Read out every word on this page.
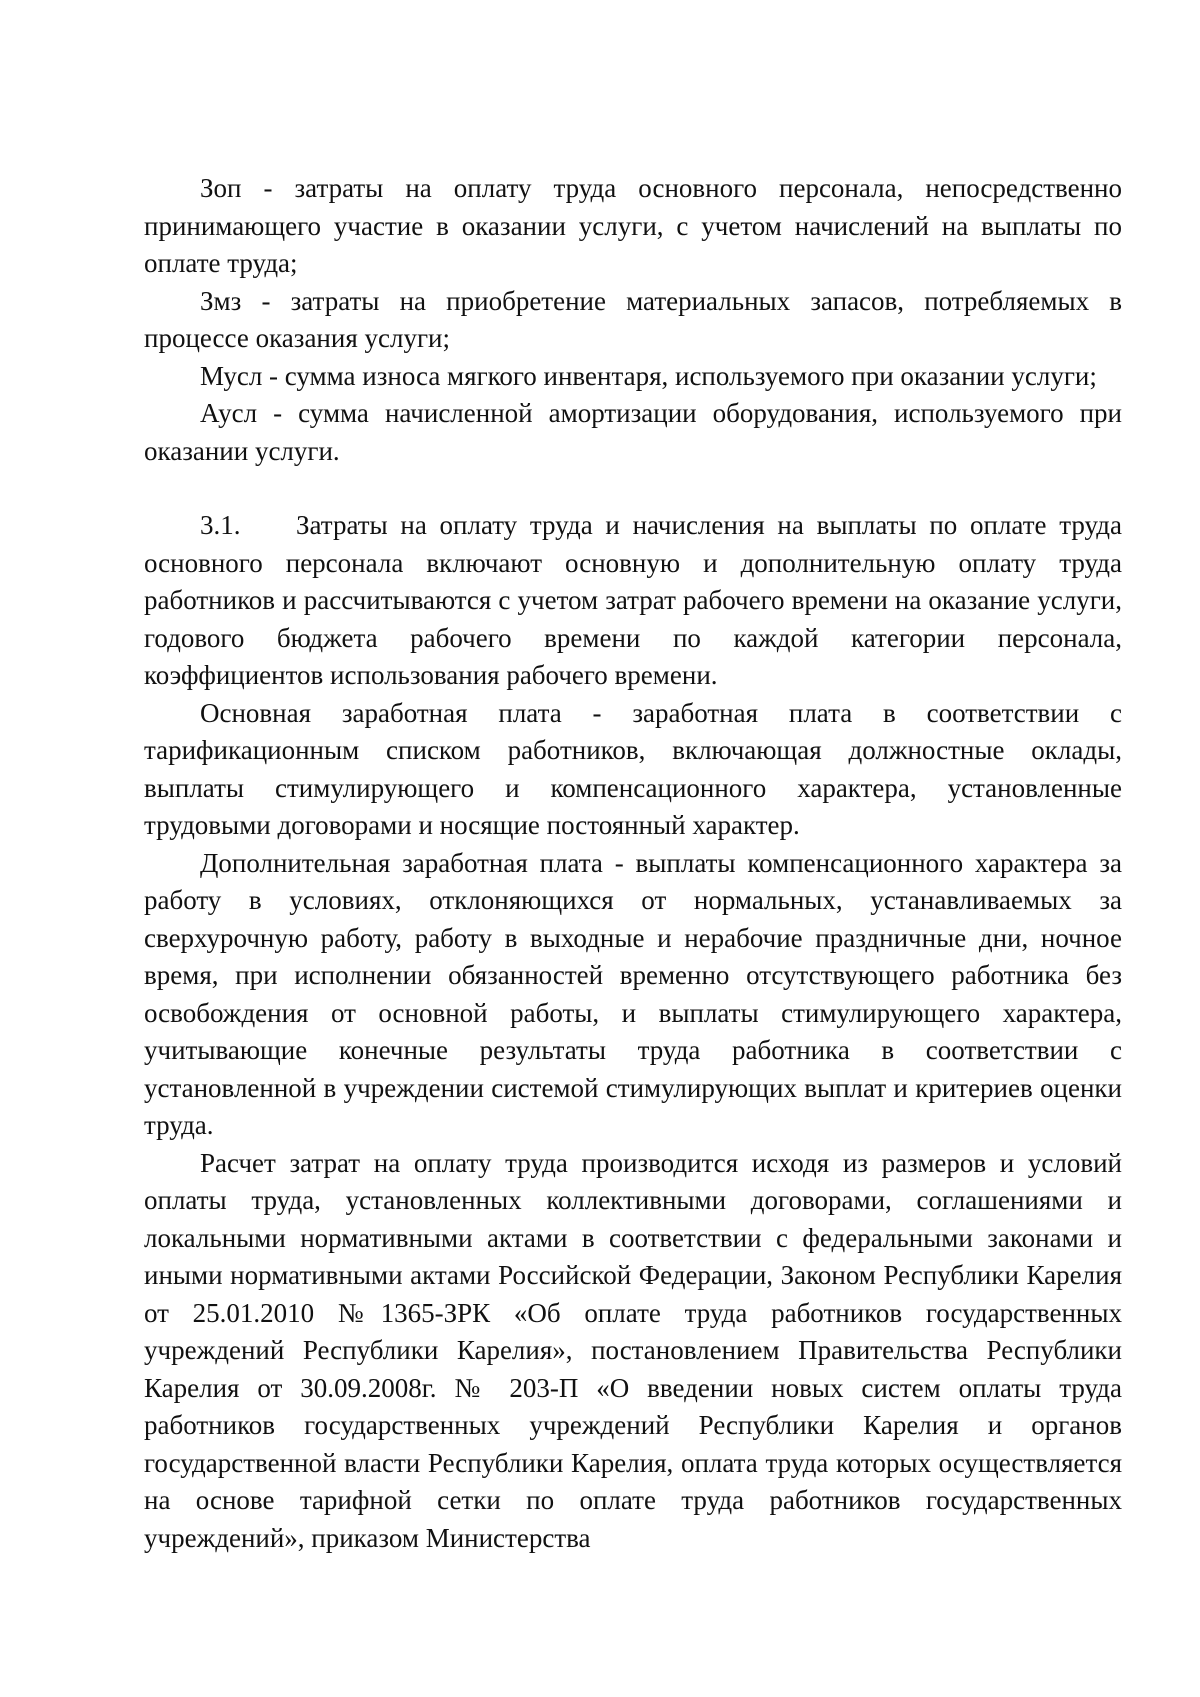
Зоп - затраты на оплату труда основного персонала, непосредственно принимающего участие в оказании услуги, с учетом начислений на выплаты по оплате труда;

Змз - затраты на приобретение материальных запасов, потребляемых в процессе оказания услуги;

Мусл - сумма износа мягкого инвентаря, используемого при оказании услуги;

Аусл - сумма начисленной амортизации оборудования, используемого при оказании услуги.

3.1. Затраты на оплату труда и начисления на выплаты по оплате труда основного персонала включают основную и дополнительную оплату труда работников и рассчитываются с учетом затрат рабочего времени на оказание услуги, годового бюджета рабочего времени по каждой категории персонала, коэффициентов использования рабочего времени.

Основная заработная плата - заработная плата в соответствии с тарификационным списком работников, включающая должностные оклады, выплаты стимулирующего и компенсационного характера, установленные трудовыми договорами и носящие постоянный характер.

Дополнительная заработная плата - выплаты компенсационного характера за работу в условиях, отклоняющихся от нормальных, устанавливаемых за сверхурочную работу, работу в выходные и нерабочие праздничные дни, ночное время, при исполнении обязанностей временно отсутствующего работника без освобождения от основной работы, и выплаты стимулирующего характера, учитывающие конечные результаты труда работника в соответствии с установленной в учреждении системой стимулирующих выплат и критериев оценки труда.

Расчет затрат на оплату труда производится исходя из размеров и условий оплаты труда, установленных коллективными договорами, соглашениями и локальными нормативными актами в соответствии с федеральными законами и иными нормативными актами Российской Федерации, Законом Республики Карелия от 25.01.2010 №1365-ЗРК «Об оплате труда работников государственных учреждений Республики Карелия», постановлением Правительства Республики Карелия от 30.09.2008г. № 203-П «О введении новых систем оплаты труда работников государственных учреждений Республики Карелия и органов государственной власти Республики Карелия, оплата труда которых осуществляется на основе тарифной сетки по оплате труда работников государственных учреждений», приказом Министерства
